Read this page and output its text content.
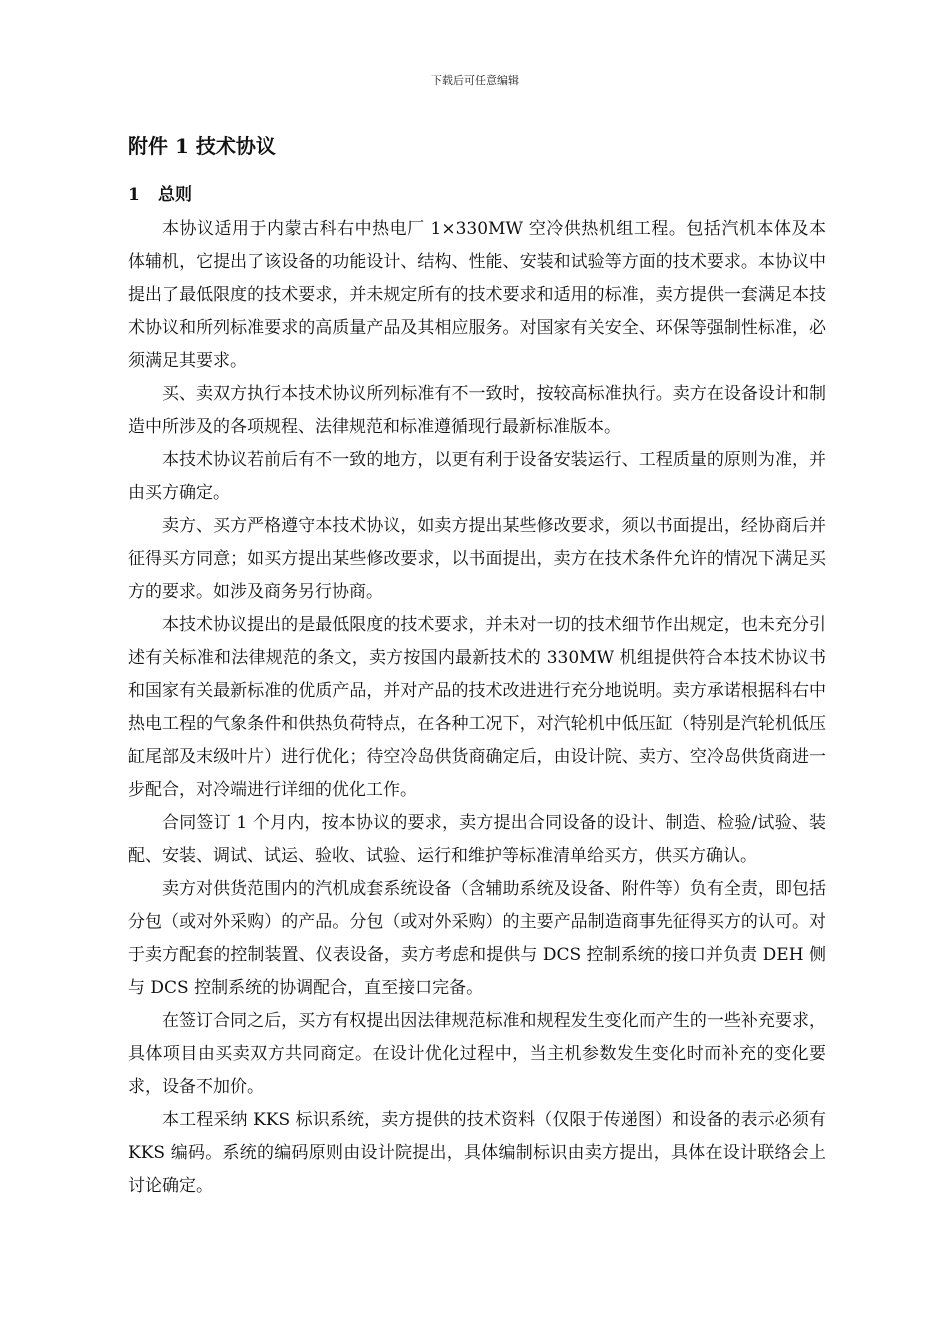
下载后可任意编辑
附件 1 技术协议
1 总则

本协议适用于内蒙古科右中热电厂 1×330MW 空冷供热机组工程。包括汽机本体及本体辅机，它提出了该设备的功能设计、结构、性能、安装和试验等方面的技术要求。本协议中提出了最低限度的技术要求，并未规定所有的技术要求和适用的标准，卖方提供一套满足本技术协议和所列标准要求的高质量产品及其相应服务。对国家有关安全、环保等强制性标准，必须满足其要求。

买、卖双方执行本技术协议所列标准有不一致时，按较高标准执行。卖方在设备设计和制造中所涉及的各项规程、法律规范和标准遵循现行最新标准版本。

本技术协议若前后有不一致的地方，以更有利于设备安装运行、工程质量的原则为准，并由买方确定。

卖方、买方严格遵守本技术协议，如卖方提出某些修改要求，须以书面提出，经协商后并征得买方同意；如买方提出某些修改要求，以书面提出，卖方在技术条件允许的情况下满足买方的要求。如涉及商务另行协商。

本技术协议提出的是最低限度的技术要求，并未对一切的技术细节作出规定，也未充分引述有关标准和法律规范的条文，卖方按国内最新技术的 330MW 机组提供符合本技术协议书和国家有关最新标准的优质产品，并对产品的技术改进进行充分地说明。卖方承诺根据科右中热电工程的气象条件和供热负荷特点，在各种工况下，对汽轮机中低压缸（特别是汽轮机低压缸尾部及末级叶片）进行优化；待空冷岛供货商确定后，由设计院、卖方、空冷岛供货商进一步配合，对冷端进行详细的优化工作。

合同签订 1 个月内，按本协议的要求，卖方提出合同设备的设计、制造、检验/试验、装配、安装、调试、试运、验收、试验、运行和维护等标准清单给买方，供买方确认。

卖方对供货范围内的汽机成套系统设备（含辅助系统及设备、附件等）负有全责，即包括分包（或对外采购）的产品。分包（或对外采购）的主要产品制造商事先征得买方的认可。对于卖方配套的控制装置、仪表设备，卖方考虑和提供与 DCS 控制系统的接口并负责 DEH 侧与 DCS 控制系统的协调配合，直至接口完备。

在签订合同之后，买方有权提出因法律规范标准和规程发生变化而产生的一些补充要求，具体项目由买卖双方共同商定。在设计优化过程中，当主机参数发生变化时而补充的变化要求，设备不加价。

本工程采纳 KKS 标识系统，卖方提供的技术资料（仅限于传递图）和设备的表示必须有 KKS 编码。系统的编码原则由设计院提出，具体编制标识由卖方提出，具体在设计联络会上讨论确定。
